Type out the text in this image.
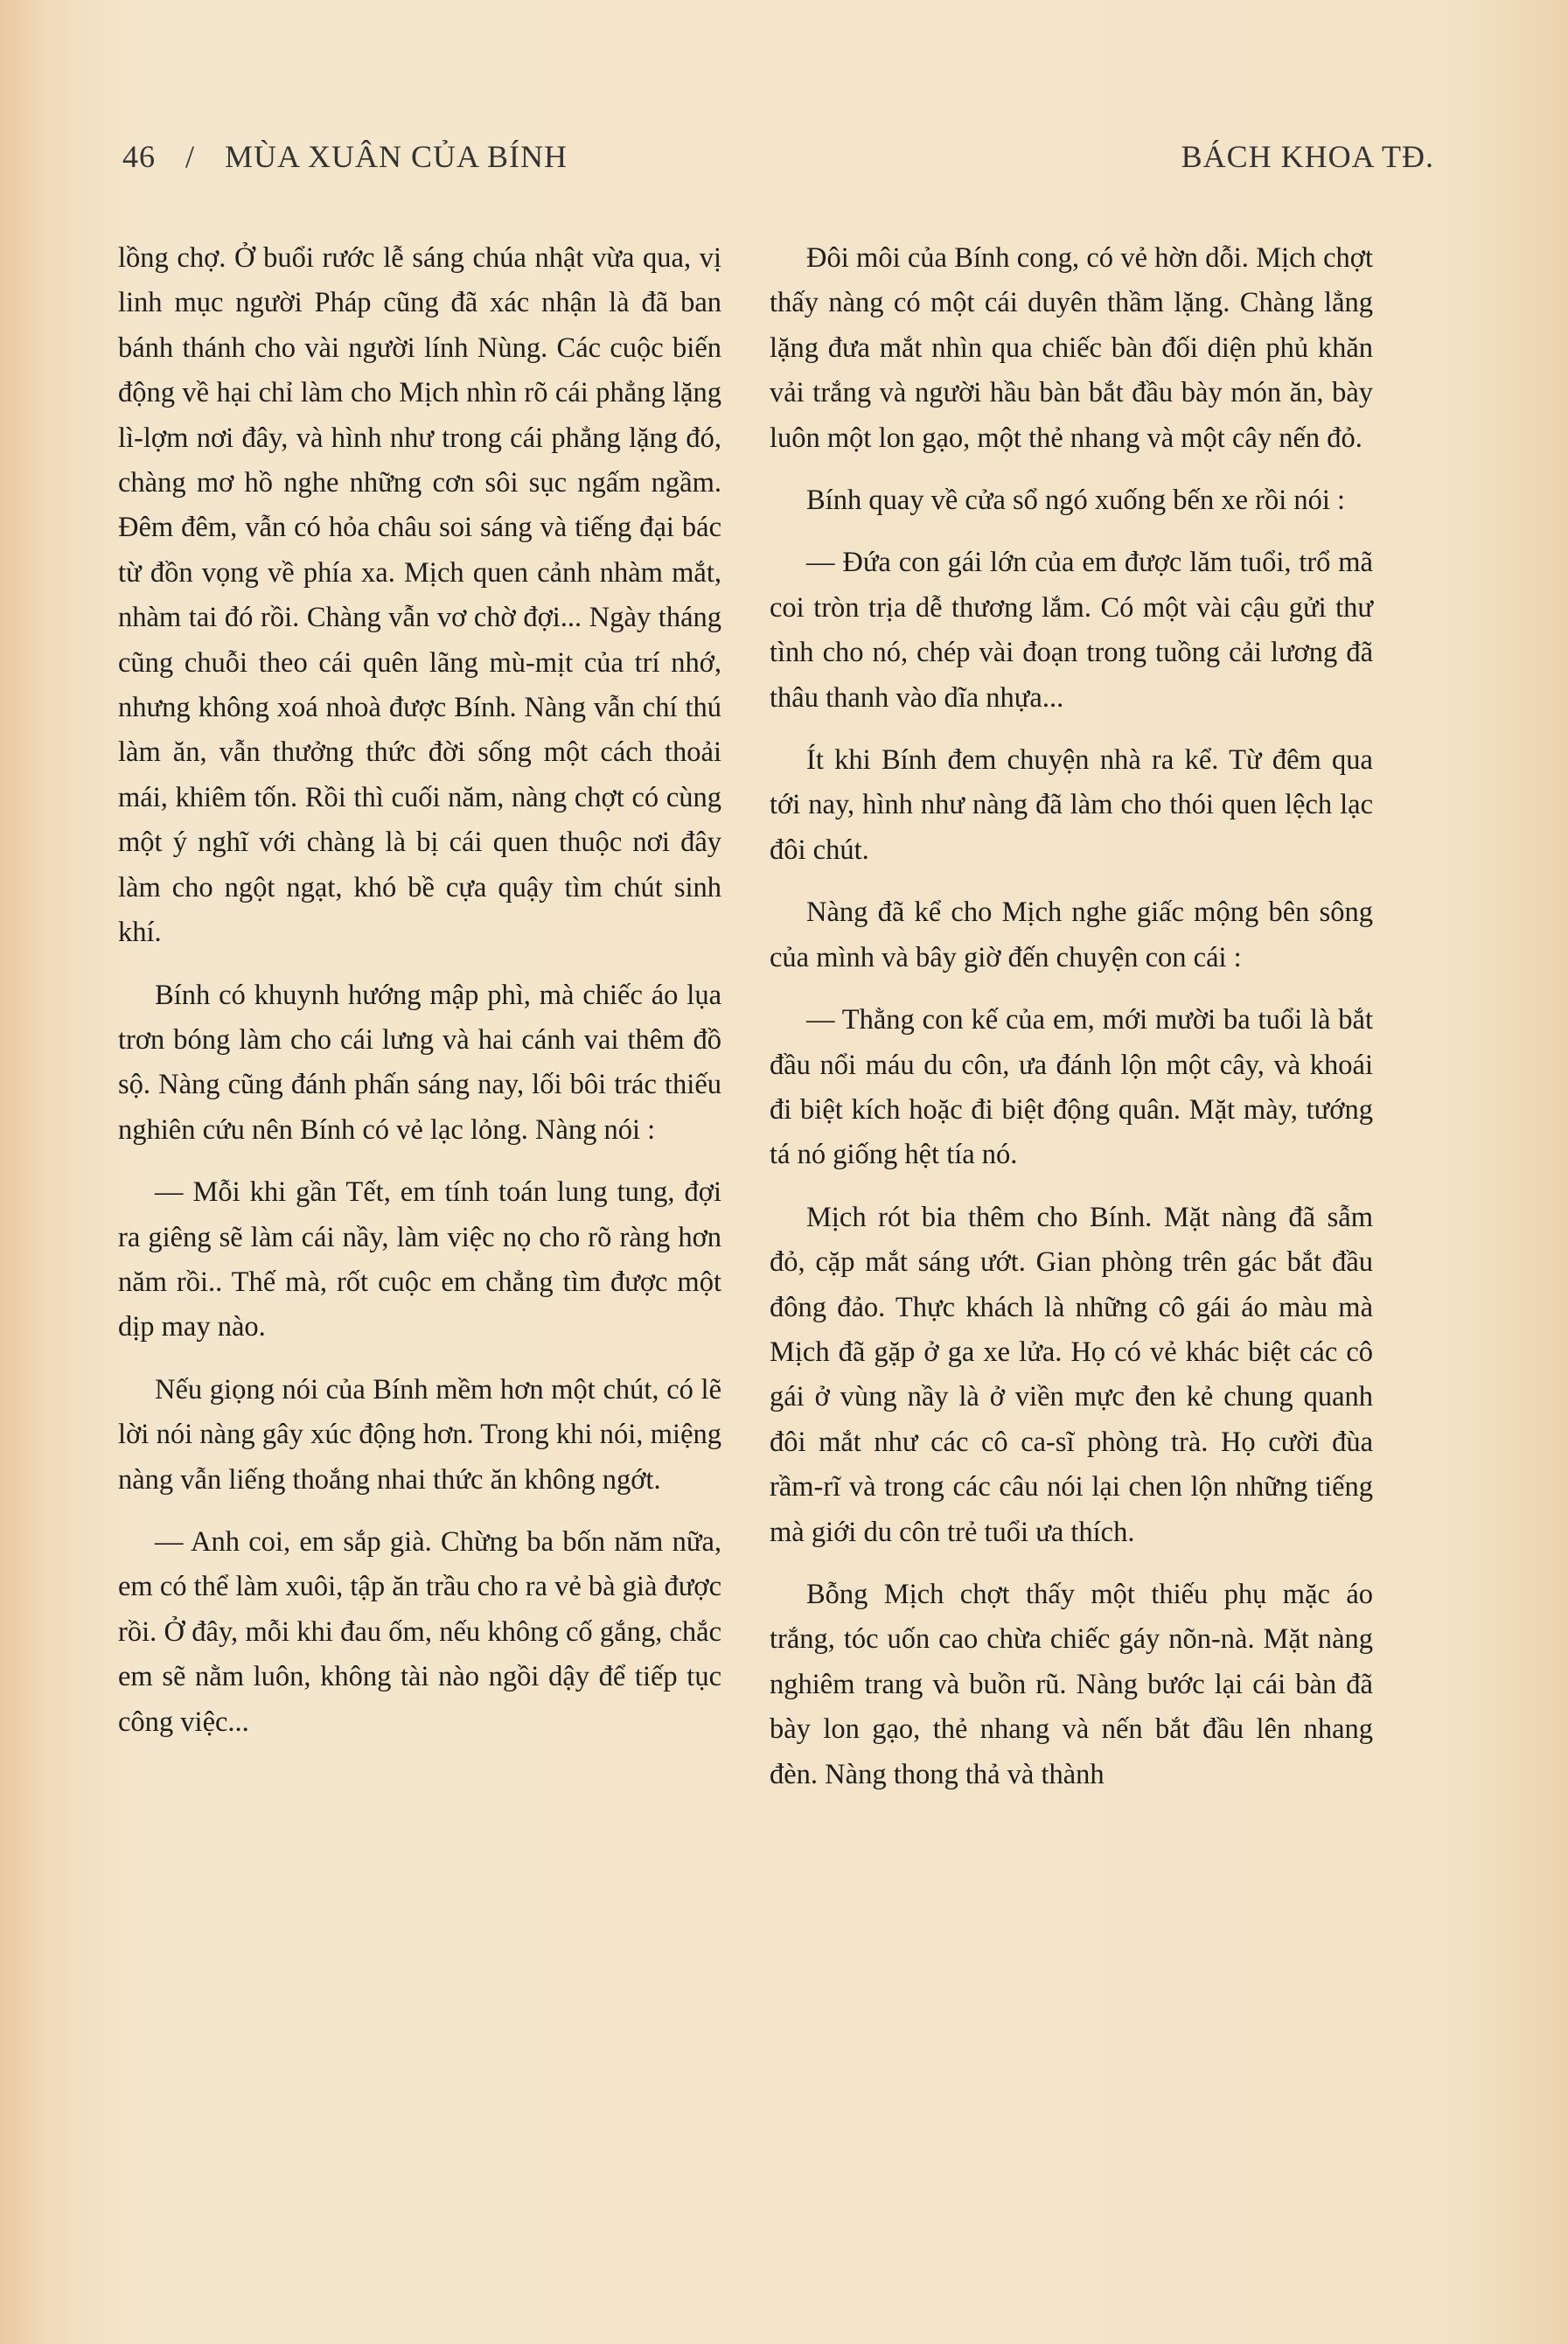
46 / MÙA XUÂN CỦA BÍNH	BÁCH KHOA TĐ.

lồng chợ. Ở buổi rước lễ sáng chúa nhật vừa qua, vị linh mục người Pháp cũng đã xác nhận là đã ban bánh thánh cho vài người lính Nùng. Các cuộc biến động về hại chỉ làm cho Mịch nhìn rõ cái phẳng lặng lì-lợm nơi đây, và hình như trong cái phẳng lặng đó, chàng mơ hồ nghe những cơn sôi sục ngấm ngầm. Đêm đêm, vẫn có hỏa châu soi sáng và tiếng đại bác từ đồn vọng về phía xa. Mịch quen cảnh nhàm mắt, nhàm tai đó rồi. Chàng vẫn vơ chờ đợi... Ngày tháng cũng chuỗi theo cái quên lãng mù-mịt của trí nhớ, nhưng không xoá nhoà được Bính. Nàng vẫn chí thú làm ăn, vẫn thưởng thức đời sống một cách thoải mái, khiêm tốn. Rồi thì cuối năm, nàng chợt có cùng một ý nghĩ với chàng là bị cái quen thuộc nơi đây làm cho ngột ngạt, khó bề cựa quậy tìm chút sinh khí.

Bính có khuynh hướng mập phì, mà chiếc áo lụa trơn bóng làm cho cái lưng và hai cánh vai thêm đồ sộ. Nàng cũng đánh phấn sáng nay, lối bôi trác thiếu nghiên cứu nên Bính có vẻ lạc lỏng. Nàng nói :

— Mỗi khi gần Tết, em tính toán lung tung, đợi ra giêng sẽ làm cái nầy, làm việc nọ cho rõ ràng hơn năm rồi.. Thế mà, rốt cuộc em chẳng tìm được một dịp may nào.

Nếu giọng nói của Bính mềm hơn một chút, có lẽ lời nói nàng gây xúc động hơn. Trong khi nói, miệng nàng vẫn liếng thoắng nhai thức ăn không ngớt.

— Anh coi, em sắp già. Chừng ba bốn năm nữa, em có thể làm xuôi, tập ăn trầu cho ra vẻ bà già được rồi. Ở đây, mỗi khi đau ốm, nếu không cố gắng, chắc em sẽ nằm luôn, không tài nào ngồi dậy để tiếp tục công việc...

Đôi môi của Bính cong, có vẻ hờn dỗi. Mịch chợt thấy nàng có một cái duyên thầm lặng. Chàng lẳng lặng đưa mắt nhìn qua chiếc bàn đối diện phủ khăn vải trắng và người hầu bàn bắt đầu bày món ăn, bày luôn một lon gạo, một thẻ nhang và một cây nến đỏ.

Bính quay về cửa sổ ngó xuống bến xe rồi nói :

— Đứa con gái lớn của em được lăm tuổi, trổ mã coi tròn trịa dễ thương lắm. Có một vài cậu gửi thư tình cho nó, chép vài đoạn trong tuồng cải lương đã thâu thanh vào dĩa nhựa...

Ít khi Bính đem chuyện nhà ra kể. Từ đêm qua tới nay, hình như nàng đã làm cho thói quen lệch lạc đôi chút.

Nàng đã kể cho Mịch nghe giấc mộng bên sông của mình và bây giờ đến chuyện con cái :

— Thằng con kế của em, mới mười ba tuổi là bắt đầu nổi máu du côn, ưa đánh lộn một cây, và khoái đi biệt kích hoặc đi biệt động quân. Mặt mày, tướng tá nó giống hệt tía nó.

Mịch rót bia thêm cho Bính. Mặt nàng đã sẫm đỏ, cặp mắt sáng ướt. Gian phòng trên gác bắt đầu đông đảo. Thực khách là những cô gái áo màu mà Mịch đã gặp ở ga xe lửa. Họ có vẻ khác biệt các cô gái ở vùng nầy là ở viền mực đen kẻ chung quanh đôi mắt như các cô ca-sĩ phòng trà. Họ cười đùa rầm-rĩ và trong các câu nói lại chen lộn những tiếng mà giới du côn trẻ tuổi ưa thích.

Bỗng Mịch chợt thấy một thiếu phụ mặc áo trắng, tóc uốn cao chừa chiếc gáy nõn-nà. Mặt nàng nghiêm trang và buồn rũ. Nàng bước lại cái bàn đã bày lon gạo, thẻ nhang và nến bắt đầu lên nhang đèn. Nàng thong thả và thành
